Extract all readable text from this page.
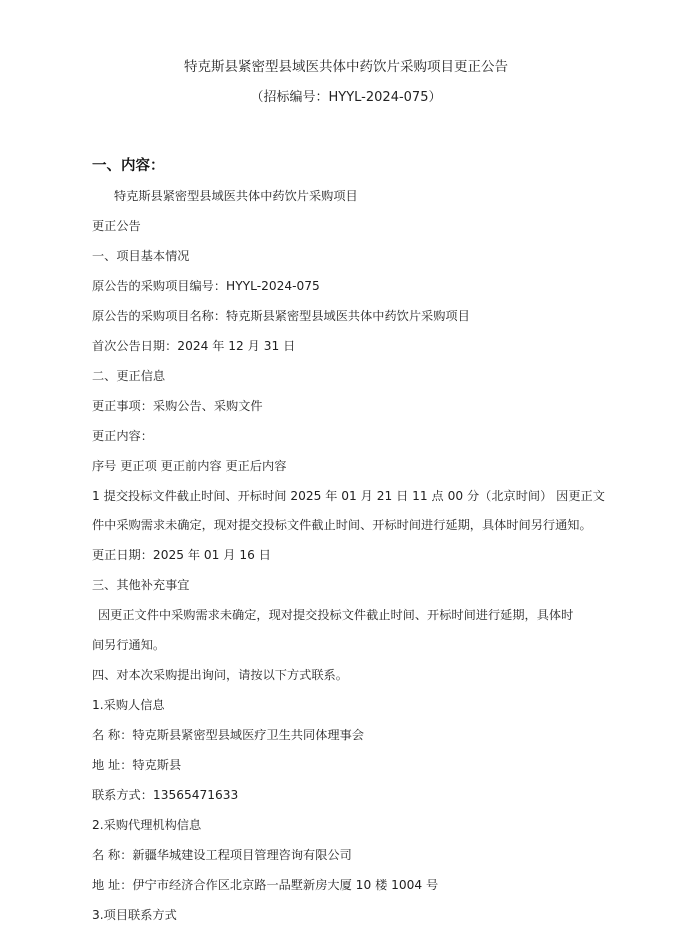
特克斯县紧密型县域医共体中药饮片采购项目更正公告
（招标编号：HYYL-2024-075）
一、内容：
特克斯县紧密型县域医共体中药饮片采购项目
更正公告
一、项目基本情况
原公告的采购项目编号：HYYL-2024-075
原公告的采购项目名称：特克斯县紧密型县域医共体中药饮片采购项目
首次公告日期：2024 年 12 月 31 日
二、更正信息
更正事项：采购公告、采购文件
更正内容：
序号 更正项 更正前内容 更正后内容
1 提交投标文件截止时间、开标时间 2025 年 01 月 21 日 11 点 00 分（北京时间） 因更正文
件中采购需求未确定，现对提交投标文件截止时间、开标时间进行延期，具体时间另行通知。
更正日期：2025 年 01 月 16 日
三、其他补充事宜
因更正文件中采购需求未确定，现对提交投标文件截止时间、开标时间进行延期，具体时
间另行通知。
四、对本次采购提出询问，请按以下方式联系。
1.采购人信息
名 称：特克斯县紧密型县域医疗卫生共同体理事会
地 址：特克斯县
联系方式：13565471633
2.采购代理机构信息
名 称：新疆华城建设工程项目管理咨询有限公司
地 址：伊宁市经济合作区北京路一品墅新房大厦 10 楼 1004 号
3.项目联系方式
